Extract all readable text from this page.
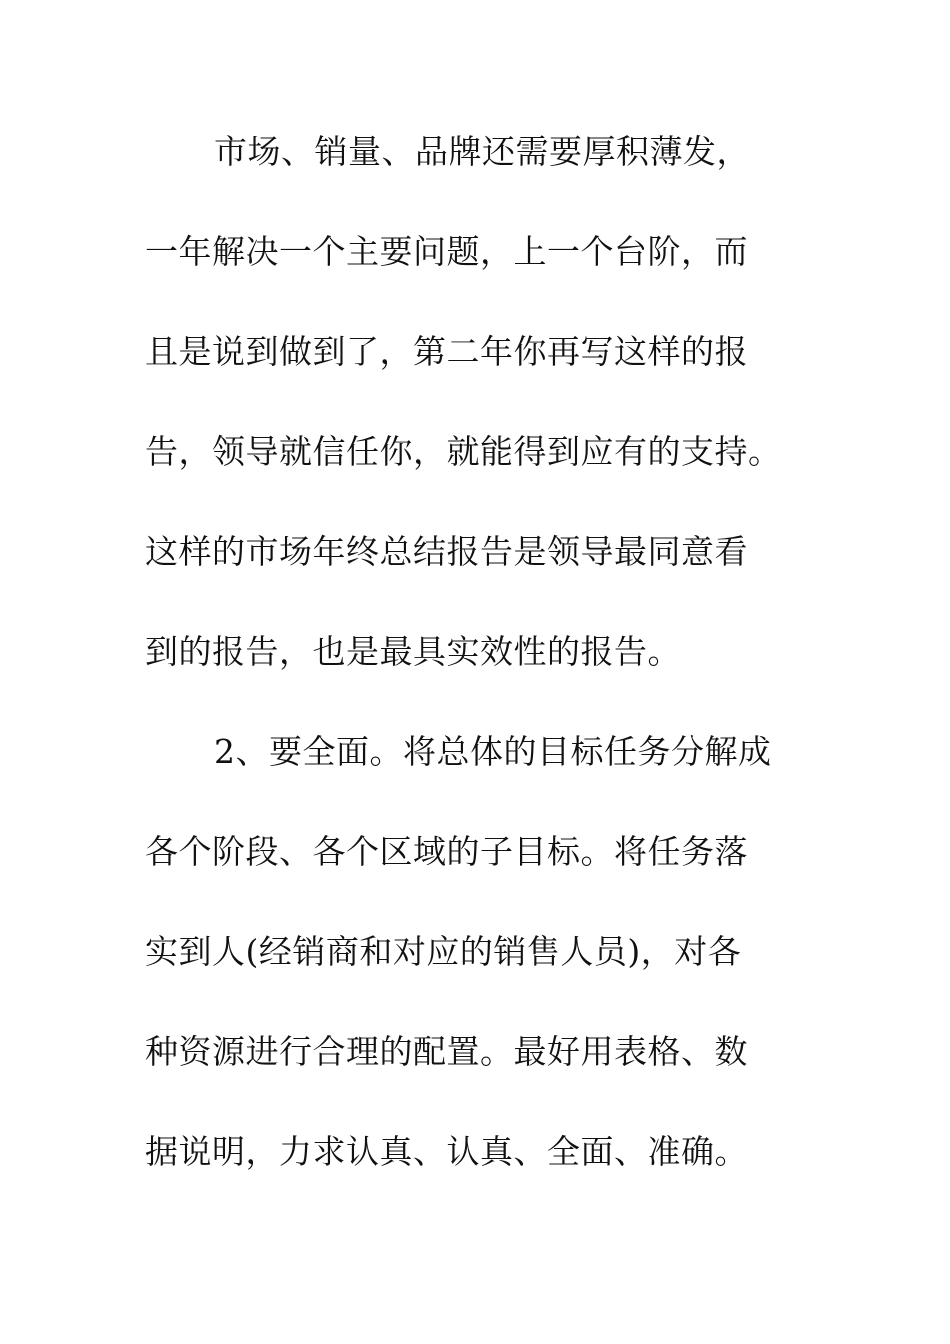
市场、销量、品牌还需要厚积薄发，
一年解决一个主要问题，上一个台阶，而
且是说到做到了，第二年你再写这样的报
告，领导就信任你，就能得到应有的支持。
这样的市场年终总结报告是领导最同意看
到的报告，也是最具实效性的报告。
2、要全面。将总体的目标任务分解成
各个阶段、各个区域的子目标。将任务落
实到人(经销商和对应的销售人员)，对各
种资源进行合理的配置。最好用表格、数
据说明，力求认真、认真、全面、准确。
